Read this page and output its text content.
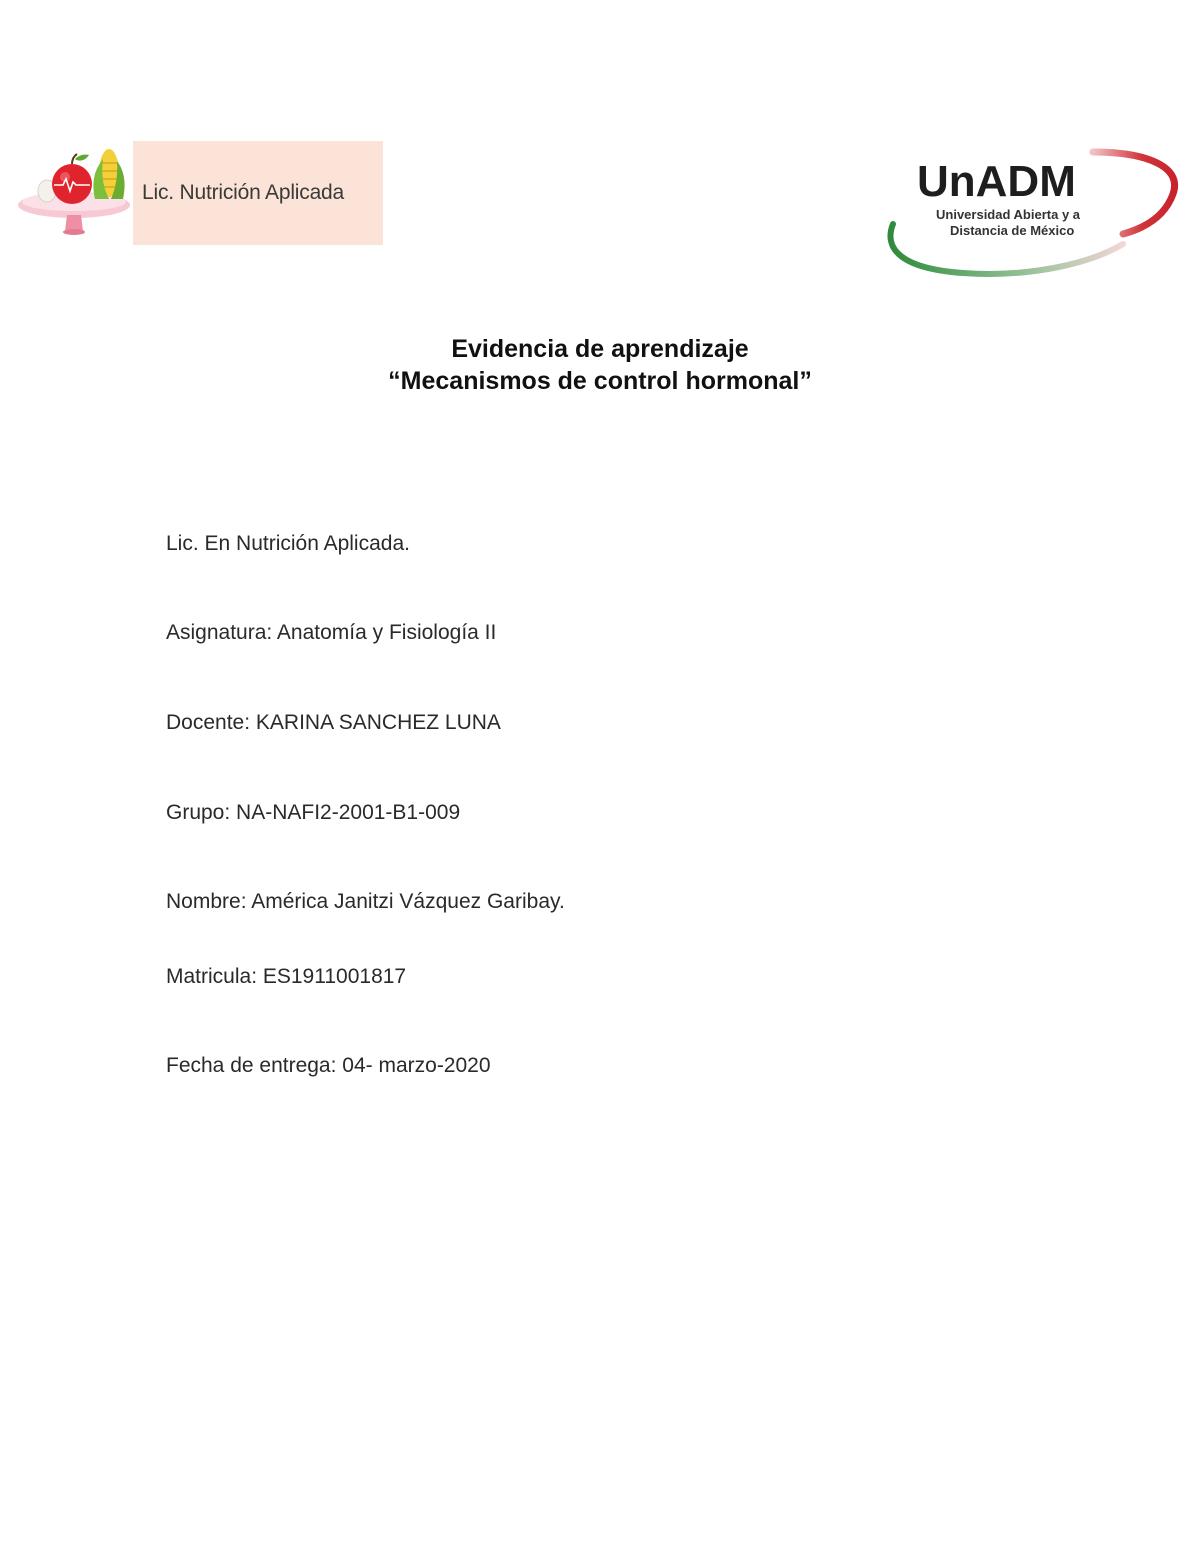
Lic. Nutrición Aplicada	UnADM
Universidad Abierta y a
Distancia de México
Evidencia de aprendizaje
“Mecanismos de control hormonal”
Lic. En Nutrición Aplicada.
Asignatura: Anatomía y Fisiología II
Docente: KARINA SANCHEZ LUNA
Grupo: NA-NAFI2-2001-B1-009
Nombre: América Janitzi Vázquez Garibay.
Matricula: ES1911001817
Fecha de entrega: 04- marzo-2020
